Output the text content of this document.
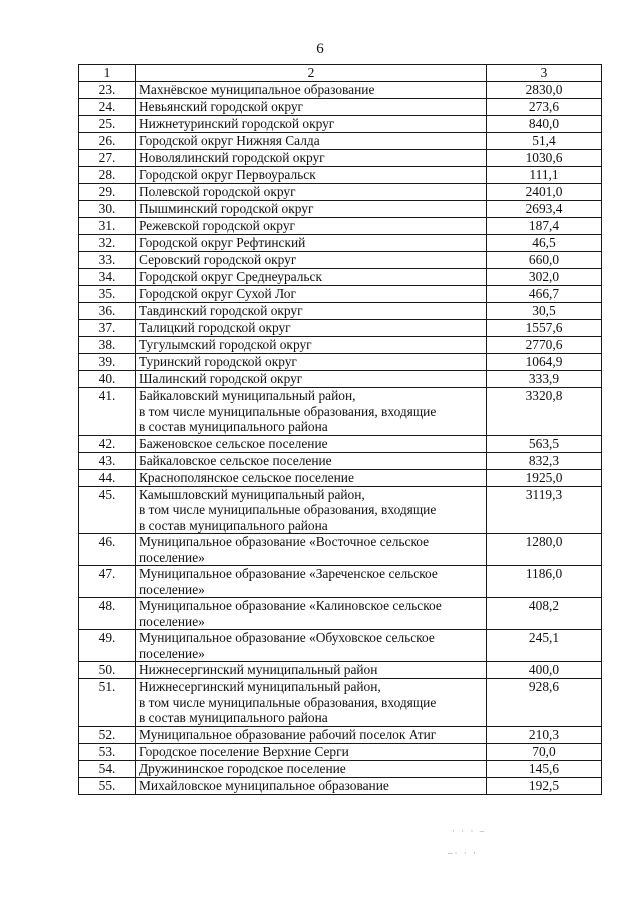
6
1	2	3
23.	Махнёвское муниципальное образование	2830,0
24.	Невьянский городской округ	273,6
25.	Нижнетуринский городской округ	840,0
26.	Городской округ Нижняя Салда	51,4
27.	Новолялинский городской округ	1030,6
28.	Городской округ Первоуральск	111,1
29.	Полевской городской округ	2401,0
30.	Пышминский городской округ	2693,4
31.	Режевской городской округ	187,4
32.	Городской округ Рефтинский	46,5
33.	Серовский городской округ	660,0
34.	Городской округ Среднеуральск	302,0
35.	Городской округ Сухой Лог	466,7
36.	Тавдинский городской округ	30,5
37.	Талицкий городской округ	1557,6
38.	Тугулымский городской округ	2770,6
39.	Туринский городской округ	1064,9
40.	Шалинский городской округ	333,9
41.	Байкаловский муниципальный район,
в том числе муниципальные образования, входящие
в состав муниципального района	3320,8
42.	Баженовское сельское поселение	563,5
43.	Байкаловское сельское поселение	832,3
44.	Краснополянское сельское поселение	1925,0
45.	Камышловский муниципальный район,
в том числе муниципальные образования, входящие
в состав муниципального района	3119,3
46.	Муниципальное образование «Восточное сельское
поселение»	1280,0
47.	Муниципальное образование «Зареченское сельское
поселение»	1186,0
48.	Муниципальное образование «Калиновское сельское
поселение»	408,2
49.	Муниципальное образование «Обуховское сельское
поселение»	245,1
50.	Нижнесергинский муниципальный район	400,0
51.	Нижнесергинский муниципальный район,
в том числе муниципальные образования, входящие
в состав муниципального района	928,6
52.	Муниципальное образование рабочий поселок Атиг	210,3
53.	Городское поселение Верхние Серги	70,0
54.	Дружининское городское поселение	145,6
55.	Михайловское муниципальное образование	192,5
· · · –
–· · ·
